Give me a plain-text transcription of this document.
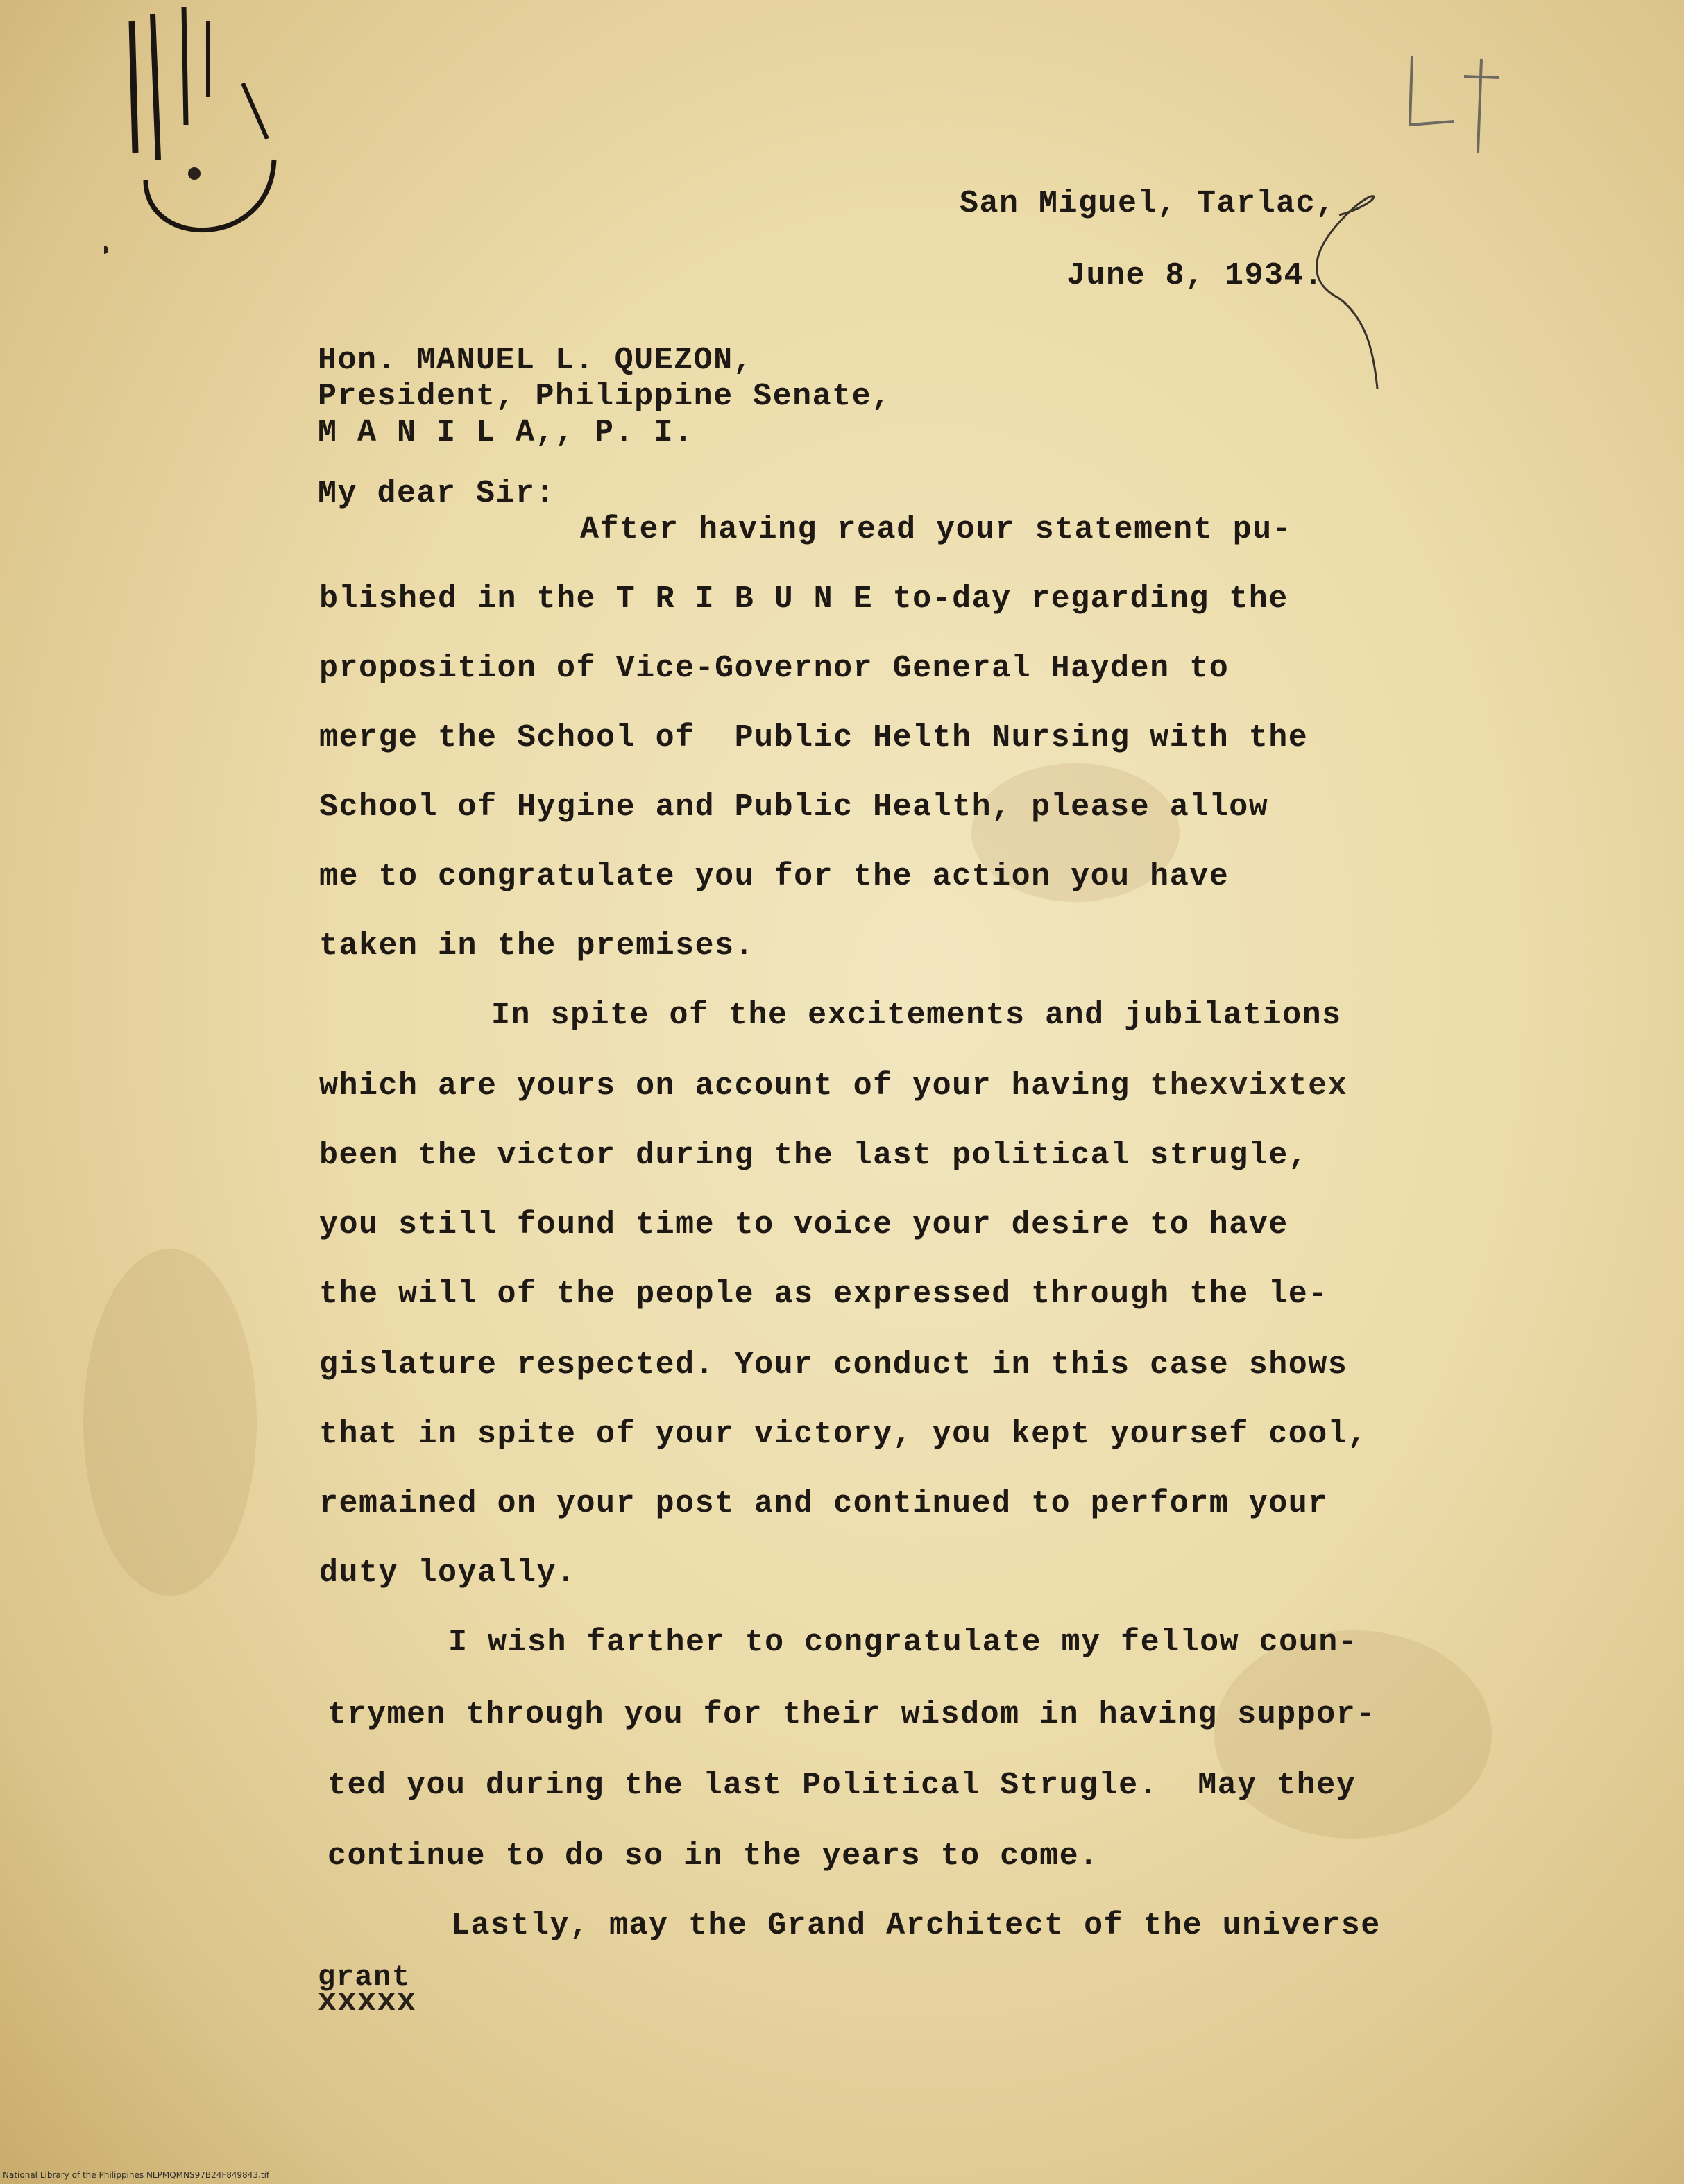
San Miguel, Tarlac,
June 8, 1934.
Hon. MANUEL L. QUEZON,
President, Philippine Senate,
M A N I L A,, P. I.
My dear Sir:
After having read your statement pu-
blished in the T R I B U N E to-day regarding the
proposition of Vice-Governor General Hayden to
merge the School of  Public Helth Nursing with the
School of Hygine and Public Health, please allow
me to congratulate you for the action you have
taken in the premises.
In spite of the excitements and jubilations
which are yours on account of your having thexvixtex
been the victor during the last political strugle,
you still found time to voice your desire to have
the will of the people as expressed through the le-
gislature respected. Your conduct in this case shows
that in spite of your victory, you kept yoursef cool,
remained on your post and continued to perform your
duty loyally.
I wish farther to congratulate my fellow coun-
trymen through you for their wisdom in having suppor-
ted you during the last Political Strugle.  May they
continue to do so in the years to come.
Lastly, may the Grand Architect of the universe
grant
xxxxx
National Library of the Philippines NLPMQMNS97B24F849843.tif
